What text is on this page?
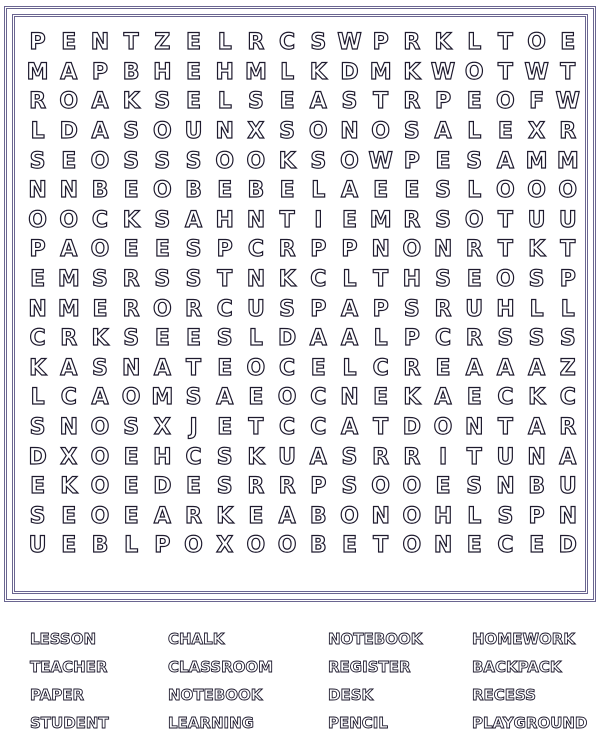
P E N T Z E L R C S W P R K L T O E
M A P B H E H M L K D M K W O T W T
R O A K S E L S E A S T R P E O F W
L D A S O U N X S O N O S A L E X R
S E O S S S O O K S O W P E S A M M
N N B E O B E B E L A E E S L O O O
O O C K S A H N T I E M R S O T U U
P A O E E S P C R P P N O N R T K T
E M S R S S T N K C L T H S E O S P
N M E R O R C U S P A P S R U H L L
C R K S E E S L D A A L P C R S S S
K A S N A T E O C E L C R E A A A Z
L C A O M S A E O C N E K A E C K C
S N O S X J E T C C A T D O N T A R
D X O E H C S K U A S R R I T U N A
E K O E D E S R R P S O O E S N B U
S E O E A R K E A B O N O H L S P N
U E B L P O X O O B E T O N E C E D
LESSON	CHALK	NOTEBOOK	HOMEWORK
TEACHER	CLASSROOM	REGISTER	BACKPACK
PAPER	NOTEBOOK	DESK	RECESS
STUDENT	LEARNING	PENCIL	PLAYGROUND
